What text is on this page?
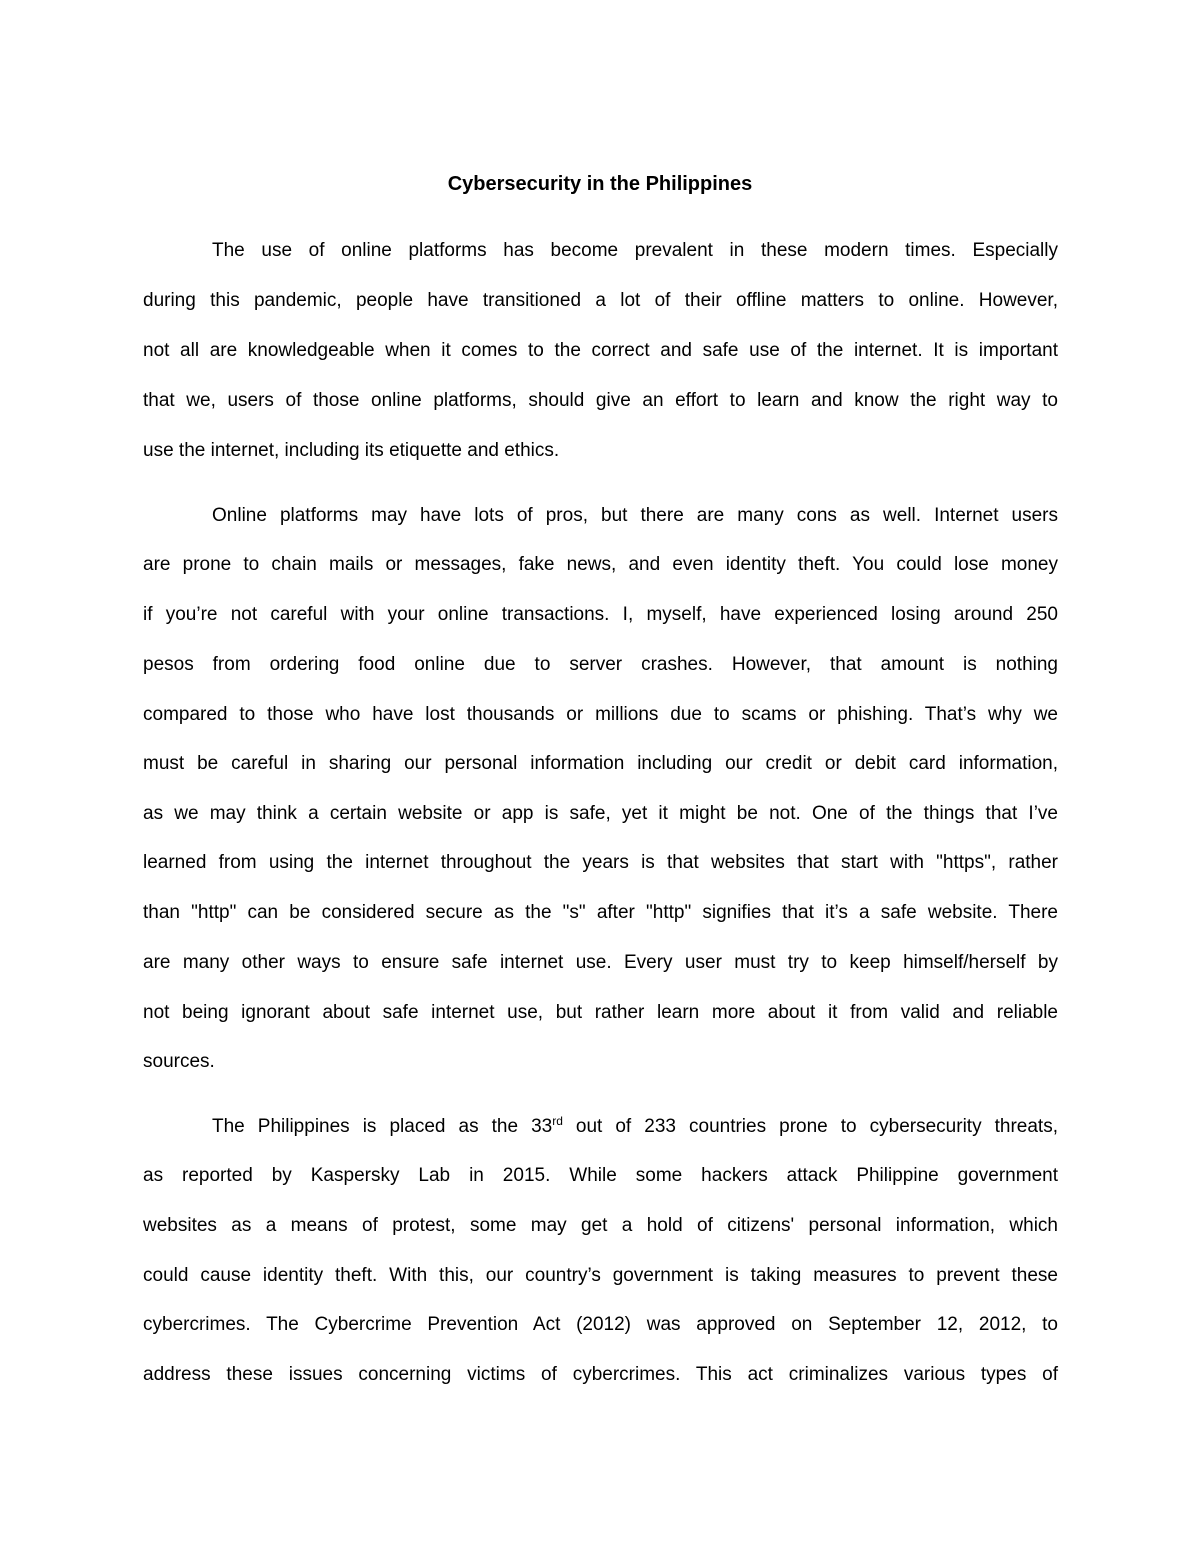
Cybersecurity in the Philippines
The use of online platforms has become prevalent in these modern times. Especially
during this pandemic, people have transitioned a lot of their offline matters to online. However,
not all are knowledgeable when it comes to the correct and safe use of the internet. It is important
that we, users of those online platforms, should give an effort to learn and know the right way to
use the internet, including its etiquette and ethics.
Online platforms may have lots of pros, but there are many cons as well. Internet users
are prone to chain mails or messages, fake news, and even identity theft. You could lose money
if you’re not careful with your online transactions. I, myself, have experienced losing around 250
pesos from ordering food online due to server crashes. However, that amount is nothing
compared to those who have lost thousands or millions due to scams or phishing. That’s why we
must be careful in sharing our personal information including our credit or debit card information,
as we may think a certain website or app is safe, yet it might be not. One of the things that I’ve
learned from using the internet throughout the years is that websites that start with "https", rather
than "http" can be considered secure as the "s" after "http" signifies that it’s a safe website. There
are many other ways to ensure safe internet use. Every user must try to keep himself/herself by
not being ignorant about safe internet use, but rather learn more about it from valid and reliable
sources.
The Philippines is placed as the 33rd out of 233 countries prone to cybersecurity threats,
as reported by Kaspersky Lab in 2015. While some hackers attack Philippine government
websites as a means of protest, some may get a hold of citizens' personal information, which
could cause identity theft. With this, our country’s government is taking measures to prevent these
cybercrimes. The Cybercrime Prevention Act (2012) was approved on September 12, 2012, to
address these issues concerning victims of cybercrimes. This act criminalizes various types of
